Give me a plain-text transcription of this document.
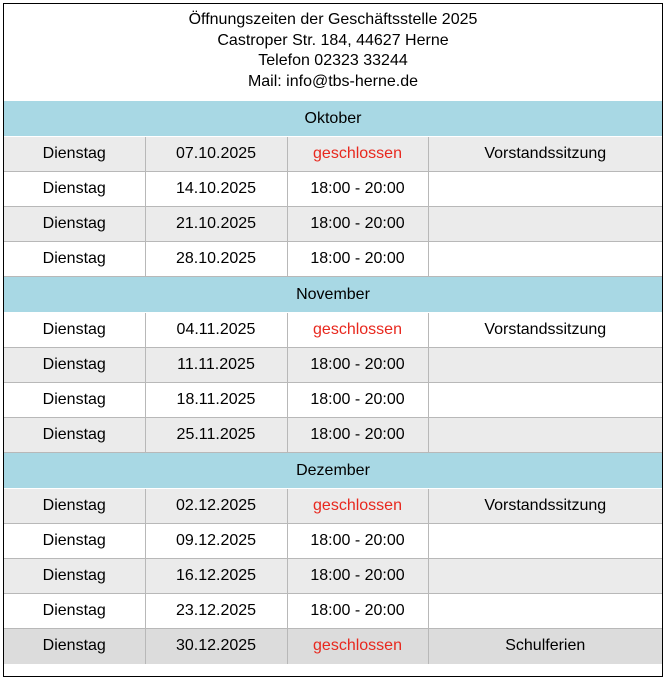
Öffnungszeiten der Geschäftsstelle 2025
Castroper Str. 184, 44627 Herne
Telefon 02323 33244
Mail: info@tbs-herne.de
Oktober			
Dienstag	07.10.2025	geschlossen	Vorstandssitzung
Dienstag	14.10.2025	18:00 - 20:00	
Dienstag	21.10.2025	18:00 - 20:00	
Dienstag	28.10.2025	18:00 - 20:00	
November			
Dienstag	04.11.2025	geschlossen	Vorstandssitzung
Dienstag	11.11.2025	18:00 - 20:00	
Dienstag	18.11.2025	18:00 - 20:00	
Dienstag	25.11.2025	18:00 - 20:00	
Dezember			
Dienstag	02.12.2025	geschlossen	Vorstandssitzung
Dienstag	09.12.2025	18:00 - 20:00	
Dienstag	16.12.2025	18:00 - 20:00	
Dienstag	23.12.2025	18:00 - 20:00	
Dienstag	30.12.2025	geschlossen	Schulferien
